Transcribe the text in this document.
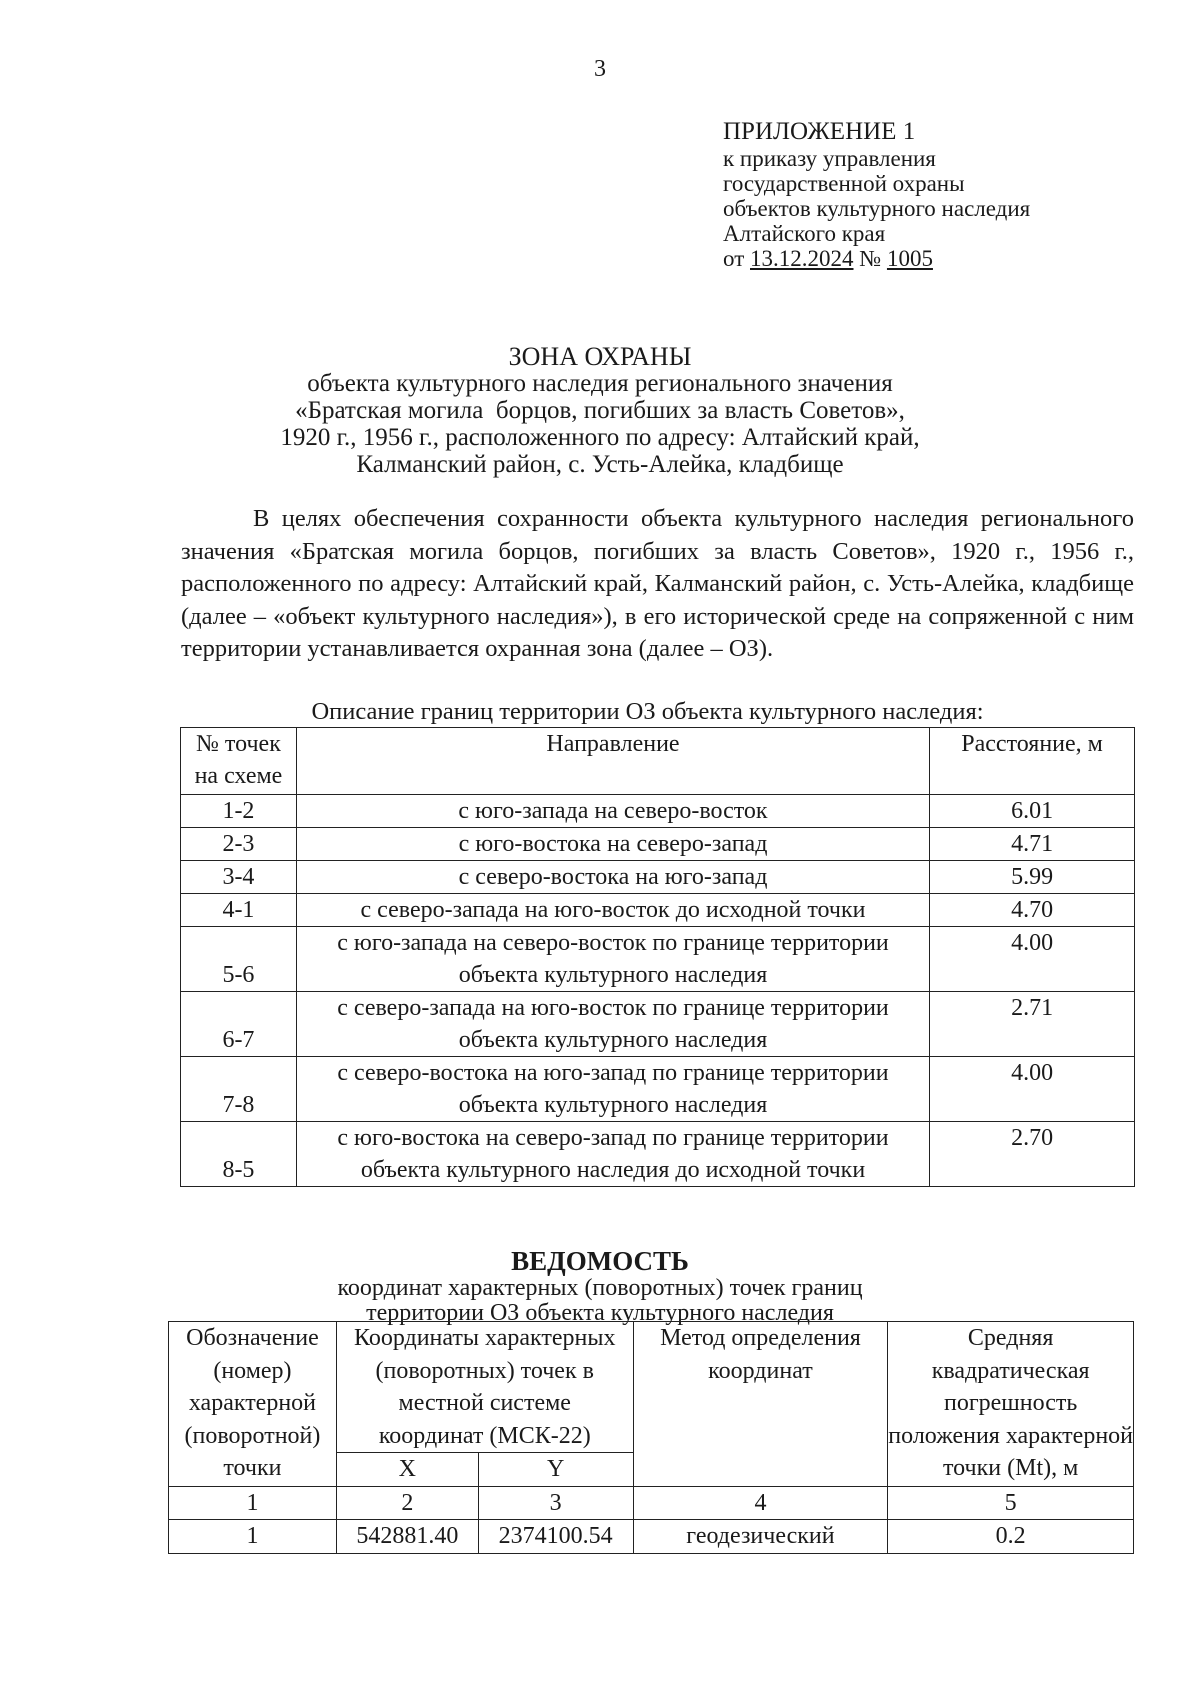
3
ПРИЛОЖЕНИЕ 1
к приказу управления
государственной охраны
объектов культурного наследия
Алтайского края
от 13.12.2024 № 1005
ЗОНА ОХРАНЫ
объекта культурного наследия регионального значения
«Братская могила  борцов, погибших за власть Советов»,
1920 г., 1956 г., расположенного по адресу: Алтайский край,
Калманский район, с. Усть-Алейка, кладбище
В целях обеспечения сохранности объекта культурного наследия регионального значения «Братская могила борцов, погибших за власть Советов», 1920 г., 1956 г., расположенного по адресу: Алтайский край, Калманский район, с. Усть-Алейка, кладбище (далее – «объект культурного наследия»), в его исторической среде на сопряженной с ним территории устанавливается охранная зона (далее – ОЗ).
Описание границ территории ОЗ объекта культурного наследия:
№ точек
на схеме	Направление	Расстояние, м
1-2	с юго-запада на северо-восток	6.01
2-3	с юго-востока на северо-запад	4.71
3-4	с северо-востока на юго-запад	5.99
4-1	с северо-запада на юго-восток до исходной точки	4.70
5-6	с юго-запада на северо-восток по границе территории объекта культурного наследия	4.00
6-7	с северо-запада на юго-восток по границе территории объекта культурного наследия	2.71
7-8	с северо-востока на юго-запад по границе территории объекта культурного наследия	4.00
8-5	с юго-востока на северо-запад по границе территории объекта культурного наследия до исходной точки	2.70
ВЕДОМОСТЬ
координат характерных (поворотных) точек границ
территории ОЗ объекта культурного наследия
Обозначение (номер) характерной (поворотной) точки	Координаты характерных (поворотных) точек в местной системе координат (МСК-22)		Метод определения координат	Средняя квадратическая погрешность положения характерной точки (Mt), м
	X	Y		
1	2	3	4	5
1	542881.40	2374100.54	геодезический	0.2
